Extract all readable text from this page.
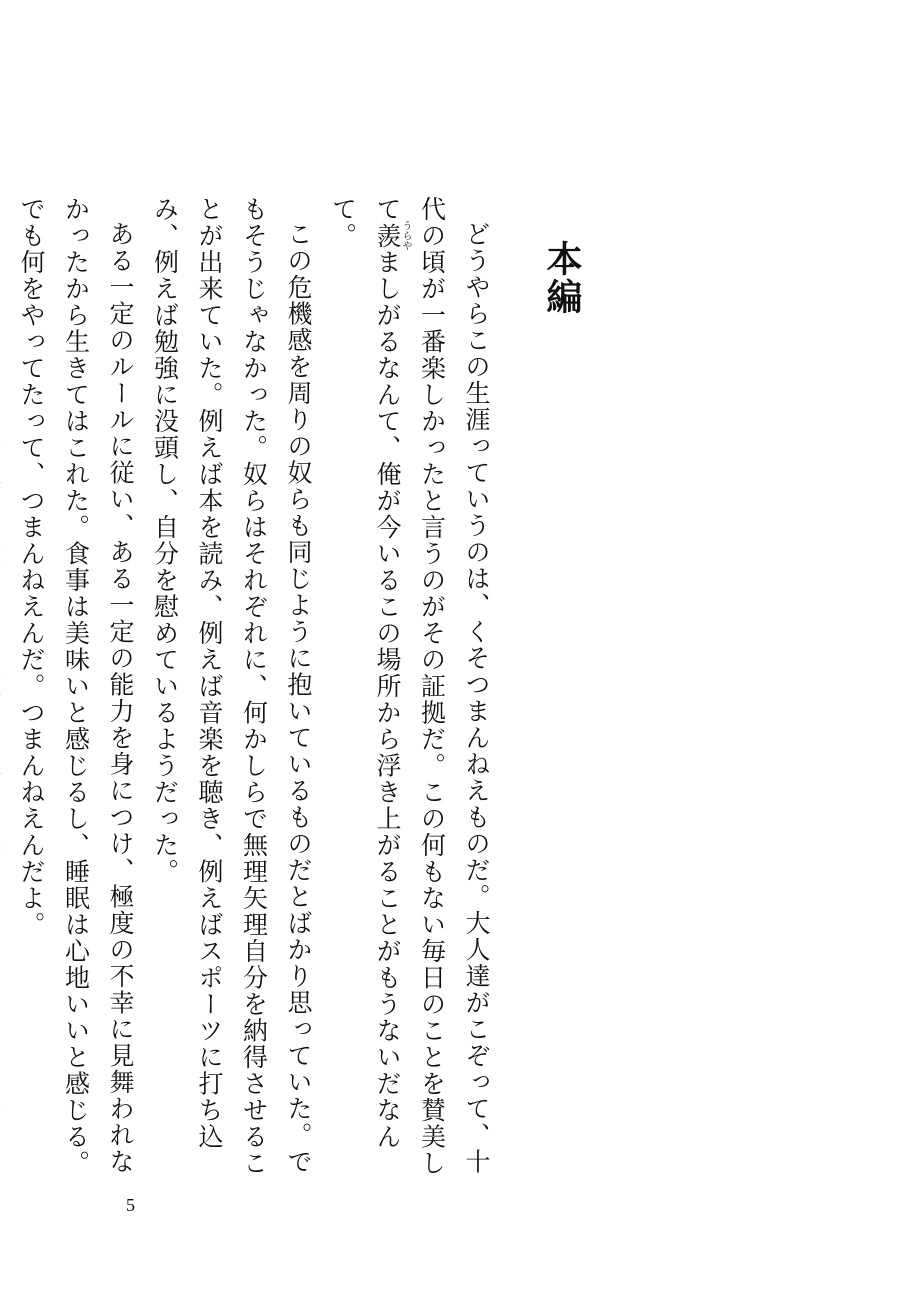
本編

どうやらこの生涯っていうのは、くそつまんねえものだ。大人達がこぞって、十代の頃が一番楽しかったと言うのがその証拠だ。この何もない毎日のことを賛美して羨うらやましがるなんて、俺が今いるこの場所から浮き上がることがもうないだなんて。

この危機感を周りの奴らも同じように抱いているものだとばかり思っていた。でもそうじゃなかった。奴らはそれぞれに、何かしらで無理矢理自分を納得させることが出来ていた。例えば本を読み、例えば音楽を聴き、例えばスポーツに打ち込み、例えば勉強に没頭し、自分を慰めているようだった。

ある一定のルールに従い、ある一定の能力を身につけ、極度の不幸に見舞われなかったから生きてはこれた。食事は美味いと感じるし、睡眠は心地いいと感じる。でも何をやってたって、つまんねえんだ。つまんねえんだよ。

5
